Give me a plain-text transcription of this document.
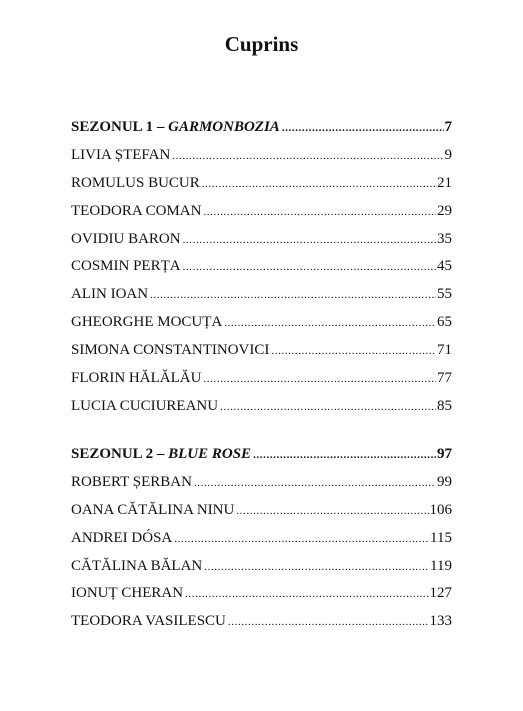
Cuprins
SEZONUL 1 – GARMONBOZIA .....	7
LIVIA ȘTEFAN .....	9
ROMULUS BUCUR .....	21
TEODORA COMAN .....	29
OVIDIU BARON .....	35
COSMIN PERȚA .....	45
ALIN IOAN .....	55
GHEORGHE MOCUȚA .....	65
SIMONA CONSTANTINOVICI .....	71
FLORIN HĂLĂLĂU .....	77
LUCIA CUCIUREANU .....	85
SEZONUL 2 – BLUE ROSE .....	97
ROBERT ȘERBAN .....	99
OANA CĂTĂLINA NINU .....	106
ANDREI DÓSA .....	115
CĂTĂLINA BĂLAN .....	119
IONUȚ CHERAN .....	127
TEODORA VASILESCU .....	133
